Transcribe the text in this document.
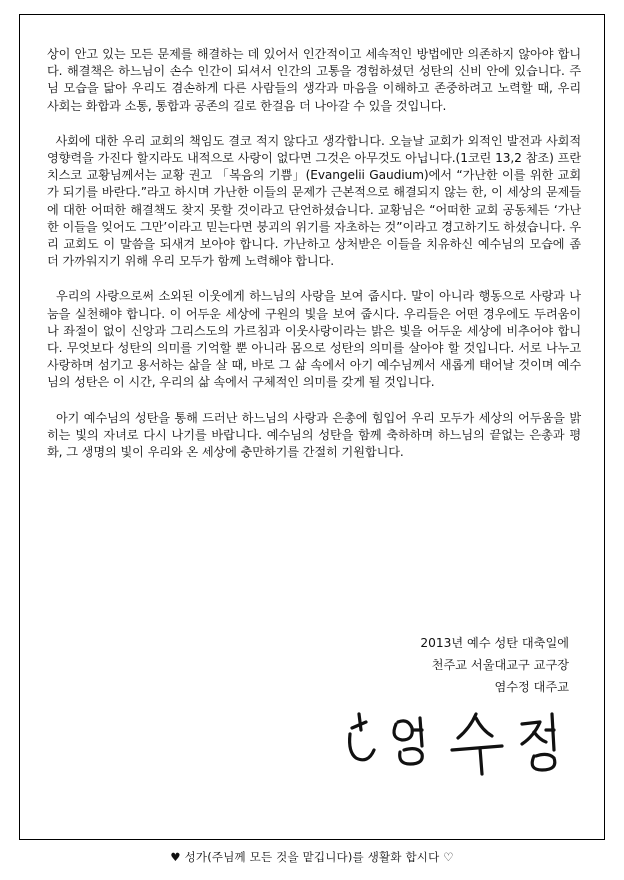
상이 안고 있는 모든 문제를 해결하는 데 있어서 인간적이고 세속적인 방법에만 의존하지 않아야 합니다. 해결책은 하느님이 손수 인간이 되셔서 인간의 고통을 경험하셨던 성탄의 신비 안에 있습니다. 주님 모습을 닮아 우리도 겸손하게 다른 사람들의 생각과 마음을 이해하고 존중하려고 노력할 때, 우리 사회는 화합과 소통, 통합과 공존의 길로 한걸음 더 나아갈 수 있을 것입니다.

사회에 대한 우리 교회의 책임도 결코 적지 않다고 생각합니다. 오늘날 교회가 외적인 발전과 사회적 영향력을 가진다 할지라도 내적으로 사랑이 없다면 그것은 아무것도 아닙니다.(1코린 13,2 참조) 프란치스코 교황님께서는 교황 권고 「복음의 기쁨」(Evangelii Gaudium)에서 “가난한 이를 위한 교회가 되기를 바란다.”라고 하시며 가난한 이들의 문제가 근본적으로 해결되지 않는 한, 이 세상의 문제들에 대한 어떠한 해결책도 찾지 못할 것이라고 단언하셨습니다. 교황님은 “어떠한 교회 공동체든 ‘가난한 이들을 잊어도 그만’이라고 믿는다면 붕괴의 위기를 자초하는 것”이라고 경고하기도 하셨습니다. 우리 교회도 이 말씀을 되새겨 보아야 합니다. 가난하고 상처받은 이들을 치유하신 예수님의 모습에 좀 더 가까워지기 위해 우리 모두가 함께 노력해야 합니다.

우리의 사랑으로써 소외된 이웃에게 하느님의 사랑을 보여 줍시다. 말이 아니라 행동으로 사랑과 나눔을 실천해야 합니다. 이 어두운 세상에 구원의 빛을 보여 줍시다. 우리들은 어떤 경우에도 두려움이나 좌절이 없이 신앙과 그리스도의 가르침과 이웃사랑이라는 밝은 빛을 어두운 세상에 비추어야 합니다. 무엇보다 성탄의 의미를 기억할 뿐 아니라 몸으로 성탄의 의미를 살아야 할 것입니다. 서로 나누고 사랑하며 섬기고 용서하는 삶을 살 때, 바로 그 삶 속에서 아기 예수님께서 새롭게 태어날 것이며 예수님의 성탄은 이 시간, 우리의 삶 속에서 구체적인 의미를 갖게 될 것입니다.

아기 예수님의 성탄을 통해 드러난 하느님의 사랑과 은총에 힘입어 우리 모두가 세상의 어두움을 밝히는 빛의 자녀로 다시 나기를 바랍니다. 예수님의 성탄을 함께 축하하며 하느님의 끝없는 은총과 평화, 그 생명의 빛이 우리와 온 세상에 충만하기를 간절히 기원합니다.

2013년 예수 성탄 대축일에
천주교 서울대교구 교구장
염수정 대주교
♥ 성가(주님께 모든 것을 맡깁니다)를 생활화 합시다 ♡
